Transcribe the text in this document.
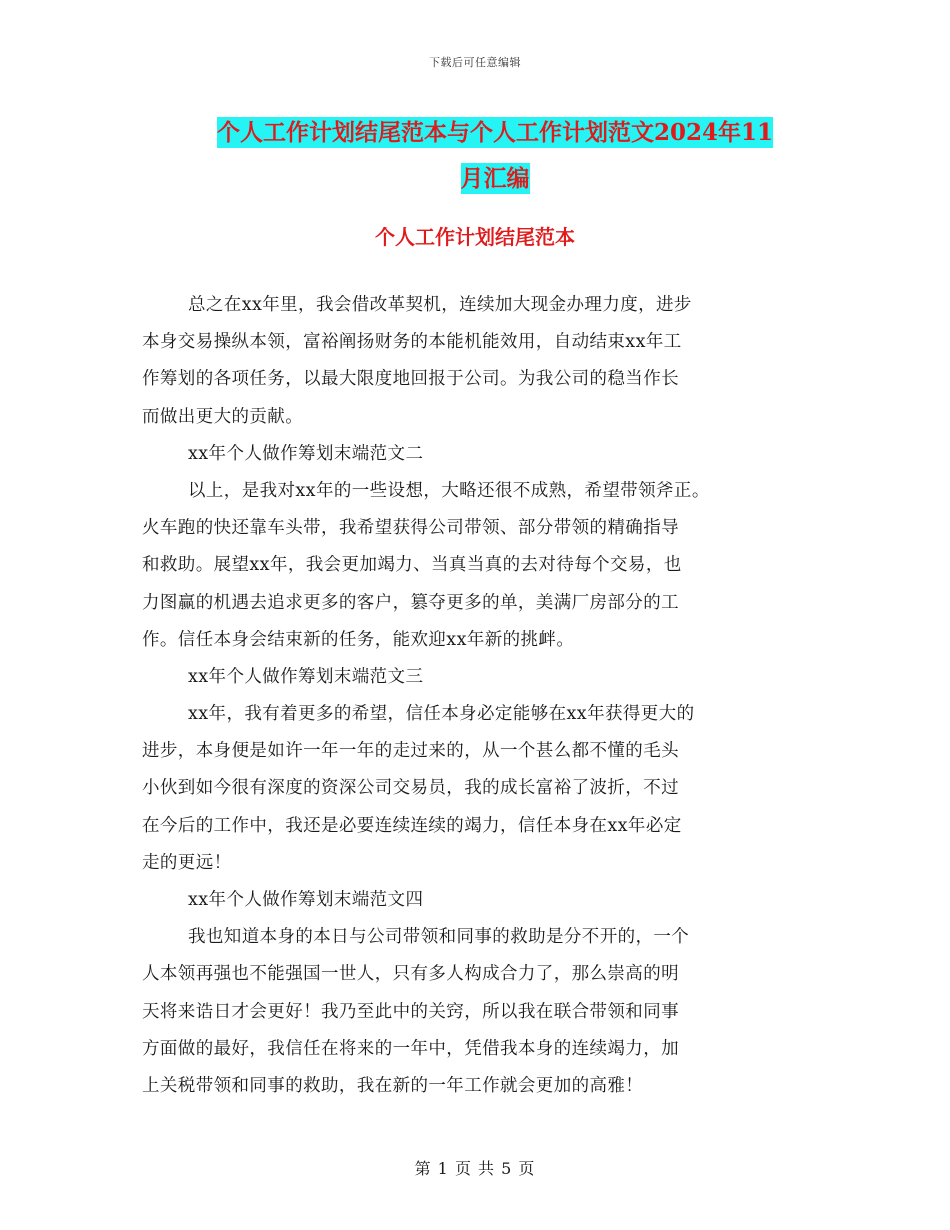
下载后可任意编辑
个人工作计划结尾范本与个人工作计划范文2024年11
月汇编
个人工作计划结尾范本
总之在xx年里，我会借改革契机，连续加大现金办理力度，进步
本身交易操纵本领，富裕阐扬财务的本能机能效用，自动结束xx年工
作筹划的各项任务，以最大限度地回报于公司。为我公司的稳当作长
而做出更大的贡献。
xx年个人做作筹划末端范文二
以上，是我对xx年的一些设想，大略还很不成熟，希望带领斧正。
火车跑的快还靠车头带，我希望获得公司带领、部分带领的精确指导
和救助。展望xx年，我会更加竭力、当真当真的去对待每个交易，也
力图赢的机遇去追求更多的客户，篡夺更多的单，美满厂房部分的工
作。信任本身会结束新的任务，能欢迎xx年新的挑衅。
xx年个人做作筹划末端范文三
xx年，我有着更多的希望，信任本身必定能够在xx年获得更大的
进步，本身便是如许一年一年的走过来的，从一个甚么都不懂的毛头
小伙到如今很有深度的资深公司交易员，我的成长富裕了波折，不过
在今后的工作中，我还是必要连续连续的竭力，信任本身在xx年必定
走的更远！
xx年个人做作筹划末端范文四
我也知道本身的本日与公司带领和同事的救助是分不开的，一个
人本领再强也不能强国一世人，只有多人构成合力了，那么崇高的明
天将来诰日才会更好！我乃至此中的关窍，所以我在联合带领和同事
方面做的最好，我信任在将来的一年中，凭借我本身的连续竭力，加
上关税带领和同事的救助，我在新的一年工作就会更加的高雅！
第 1 页 共 5 页
